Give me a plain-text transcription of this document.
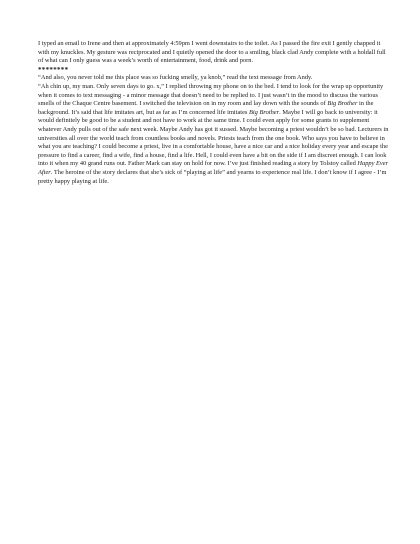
I typed an email to Irene and then at approximately 4:59pm I went downstairs to the toilet. As I passed the fire exit I gently chapped it with my knuckles. My gesture was reciprocated and I quietly opened the door to a smiling, black clad Andy complete with a holdall full of what can I only guess was a week’s worth of entertainment, food, drink and porn.

********

“And also, you never told me this place was so fucking smelly, ya knob,” read the text message from Andy.

“Ah chin up, my man. Only seven days to go. x,” I replied throwing my phone on to the bed. I tend to look for the wrap up opportunity when it comes to text messaging - a minor message that doesn’t need to be replied to. I just wasn’t in the mood to discuss the various smells of the Chaque Centre basement. I switched the television on in my room and lay down with the sounds of Big Brother in the background. It’s said that life imitates art, but as far as I’m concerned life imitates Big Brother. Maybe I will go back to university: it would definitely be good to be a student and not have to work at the same time. I could even apply for some grants to supplement whatever Andy pulls out of the safe next week. Maybe Andy has got it sussed. Maybe becoming a priest wouldn’t be so bad. Lecturers in universities all over the world teach from countless books and novels. Priests teach from the one book. Who says you have to believe in what you are teaching? I could become a priest, live in a comfortable house, have a nice car and a nice holiday every year and escape the pressure to find a career, find a wife, find a house, find a life. Hell, I could even have a bit on the side if I am discreet enough. I can look into it when my 40 grand runs out. Father Mark can stay on hold for now. I’ve just finished reading a story by Tolstoy called Happy Ever After. The heroine of the story declares that she’s sick of “playing at life” and yearns to experience real life. I don’t know if I agree - I’m pretty happy playing at life.
